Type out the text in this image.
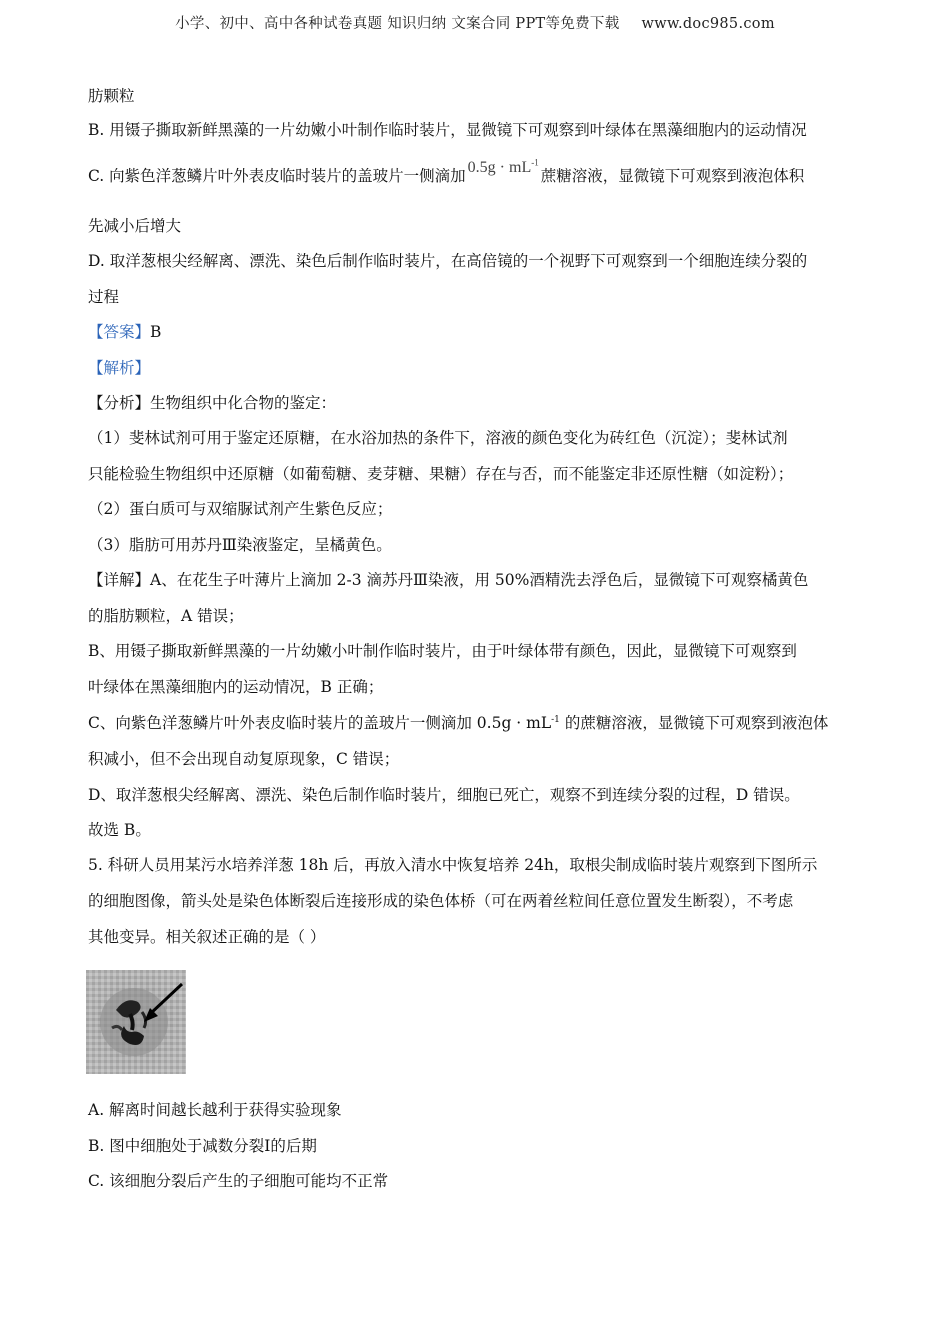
小学、初中、高中各种试卷真题 知识归纳 文案合同 PPT等免费下载 www.doc985.com
肪颗粒
B. 用镊子撕取新鲜黑藻的一片幼嫩小叶制作临时装片，显微镜下可观察到叶绿体在黑藻细胞内的运动情况
C. 向紫色洋葱鳞片叶外表皮临时装片的盖玻片一侧滴加 $0.5g \cdot mL^{-1}$蔗糖溶液，显微镜下可观察到液泡体积
先减小后增大
D. 取洋葱根尖经解离、漂洗、染色后制作临时装片，在高倍镜的一个视野下可观察到一个细胞连续分裂的
过程
【答案】B
【解析】
【分析】生物组织中化合物的鉴定：
（1）斐林试剂可用于鉴定还原糖，在水浴加热的条件下，溶液的颜色变化为砖红色（沉淀）；斐林试剂
只能检验生物组织中还原糖（如葡萄糖、麦芽糖、果糖）存在与否，而不能鉴定非还原性糖（如淀粉）；
（2）蛋白质可与双缩脲试剂产生紫色反应；
（3）脂肪可用苏丹Ⅲ染液鉴定，呈橘黄色。
【详解】A、在花生子叶薄片上滴加 2-3 滴苏丹Ⅲ染液，用 50%酒精洗去浮色后，显微镜下可观察橘黄色
的脂肪颗粒，A 错误；
B、用镊子撕取新鲜黑藻的一片幼嫩小叶制作临时装片，由于叶绿体带有颜色，因此，显微镜下可观察到
叶绿体在黑藻细胞内的运动情况，B 正确；
C、向紫色洋葱鳞片叶外表皮临时装片的盖玻片一侧滴加 $0.5g \cdot mL^{-1}$ 的蔗糖溶液，显微镜下可观察到液泡体
积减小，但不会出现自动复原现象，C 错误；
D、取洋葱根尖经解离、漂洗、染色后制作临时装片，细胞已死亡，观察不到连续分裂的过程，D 错误。
故选 B。
5. 科研人员用某污水培养洋葱 18h 后，再放入清水中恢复培养 24h，取根尖制成临时装片观察到下图所示
的细胞图像，箭头处是染色体断裂后连接形成的染色体桥（可在两着丝粒间任意位置发生断裂），不考虑
其他变异。相关叙述正确的是（ ）
A. 解离时间越长越利于获得实验现象
B. 图中细胞处于减数分裂Ⅰ的后期
C. 该细胞分裂后产生的子细胞可能均不正常
